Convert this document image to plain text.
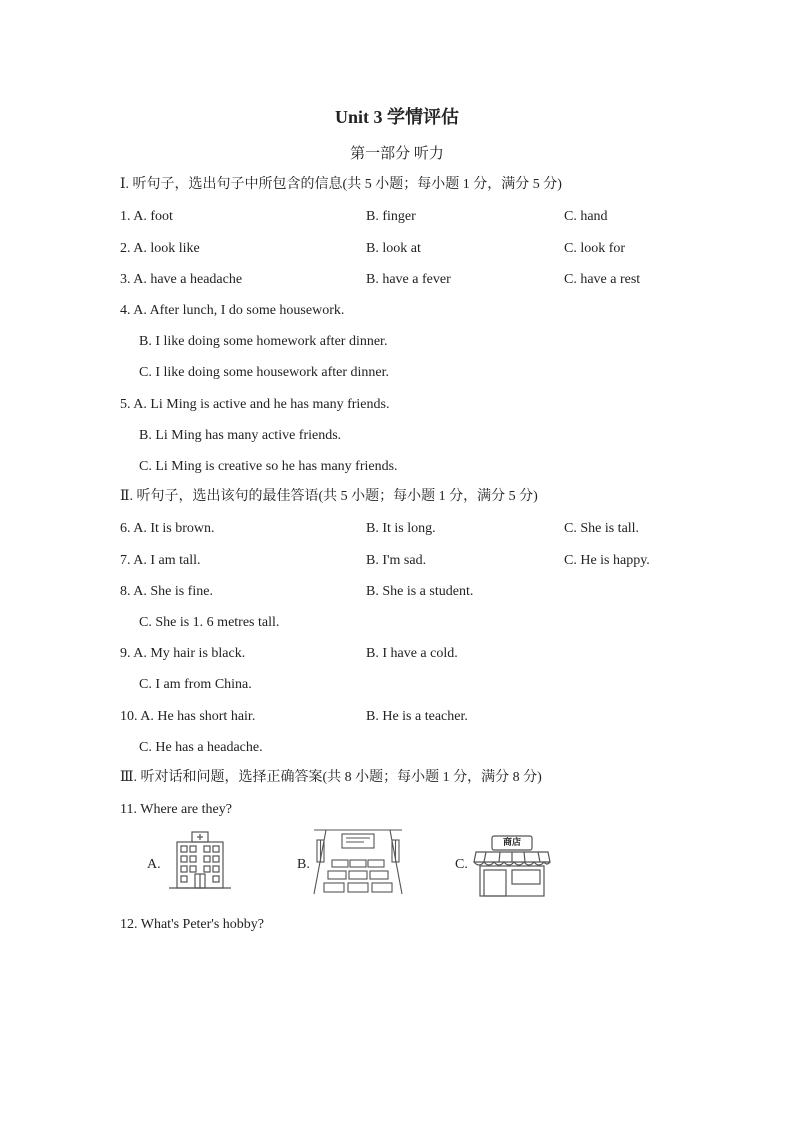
Unit 3 学情评估
第一部分 听力
Ⅰ. 听句子，选出句子中所包含的信息(共 5 小题；每小题 1 分，满分 5 分)
1. A. foot	B. finger	C. hand
2. A. look like	B. look at	C. look for
3. A. have a headache	B. have a fever	C. have a rest
4. A. After lunch, I do some housework.
B. I like doing some homework after dinner.
C. I like doing some housework after dinner.
5. A. Li Ming is active and he has many friends.
B. Li Ming has many active friends.
C. Li Ming is creative so he has many friends.
Ⅱ. 听句子，选出该句的最佳答语(共 5 小题；每小题 1 分，满分 5 分)
6. A. It is brown.	B. It is long.	C. She is tall.
7. A. I am tall.	B. I'm sad.	C. He is happy.
8. A. She is fine.	B. She is a student.
C. She is 1. 6 metres tall.
9. A. My hair is black.	B. I have a cold.
C. I am from China.
10. A. He has short hair.	B. He is a teacher.
C. He has a headache.
Ⅲ. 听对话和问题，选择正确答案(共 8 小题；每小题 1 分，满分 8 分)
11. Where are they?
A.	B.	C.
商店
12. What's Peter's hobby?
